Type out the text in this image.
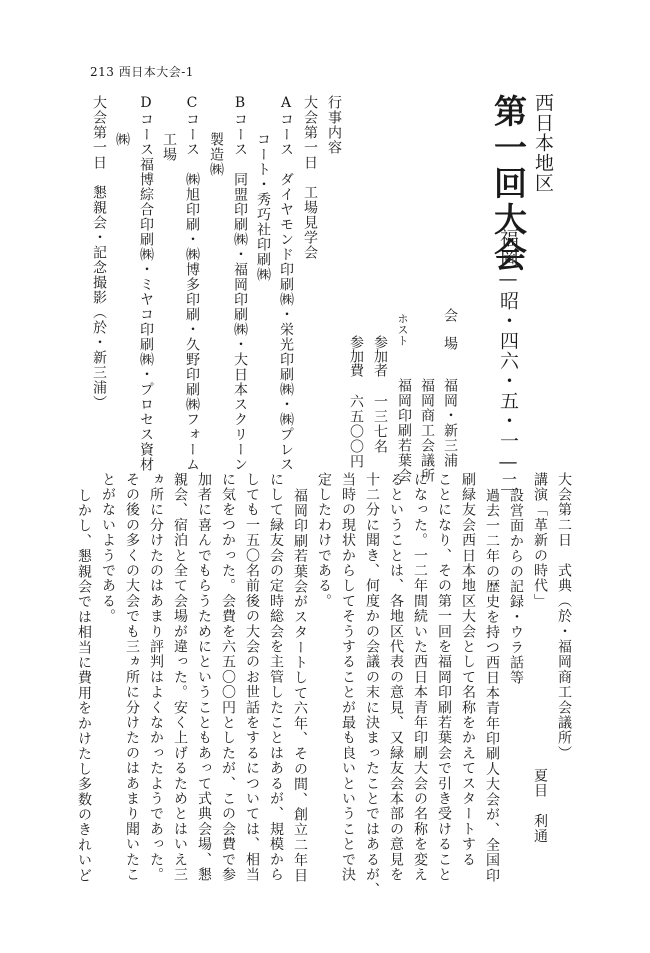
213 西日本大会-1
西日本地区
第一回大会
福岡—昭・四六・五・一—二
会　場
福岡・新三浦
福岡商工会議所
ホスト
福岡印刷若葉会
参加者
一三七名
参加費
六五〇〇円
行事内容
大会第一日　工場見学会
Aコース　ダイヤモンド印刷㈱・栄光印刷㈱・㈱プレス
コート・秀巧社印刷㈱
Bコース　同盟印刷㈱・福岡印刷㈱・大日本スクリーン
製造㈱
Cコース　㈱旭印刷・㈱博多印刷・久野印刷㈱フォーム
工場
Dコース福博綜合印刷㈱・ミヤコ印刷㈱・プロセス資材
㈱
大会第一日　懇親会・記念撮影（於・新三浦）
大会第二日　式典（於・福岡商工会議所）
講演「革新の時代」
夏目　利通
設営面からの記録・ウラ話等
過去一二年の歴史を持つ西日本青年印刷人大会が、全国印
刷緑友会西日本地区大会として名称をかえてスタートする
ことになり、その第一回を福岡印刷若葉会で引き受けること
になった。一二年間続いた西日本青年印刷大会の名称を変え
るということは、各地区代表の意見、又緑友会本部の意見を
十二分に聞き、何度かの会議の末に決まったことではあるが、
当時の現状からしてそうすることが最も良いということで決
定したわけである。
福岡印刷若葉会がスタートして六年、その間、創立二年目
にして緑友会の定時総会を主管したことはあるが、規模から
しても一五〇名前後の大会のお世話をするについては、相当
に気をつかった。会費を六五〇〇円としたが、この会費で参
加者に喜んでもらうためにということもあって式典会場、懇
親会、宿泊と全て会場が違った。安く上げるためとはいえ三
ヵ所に分けたのはあまり評判はよくなかったようであった。
その後の多くの大会でも三ヵ所に分けたのはあまり聞いたこ
とがないようである。
しかし、懇親会では相当に費用をかけたし多数のきれいど
